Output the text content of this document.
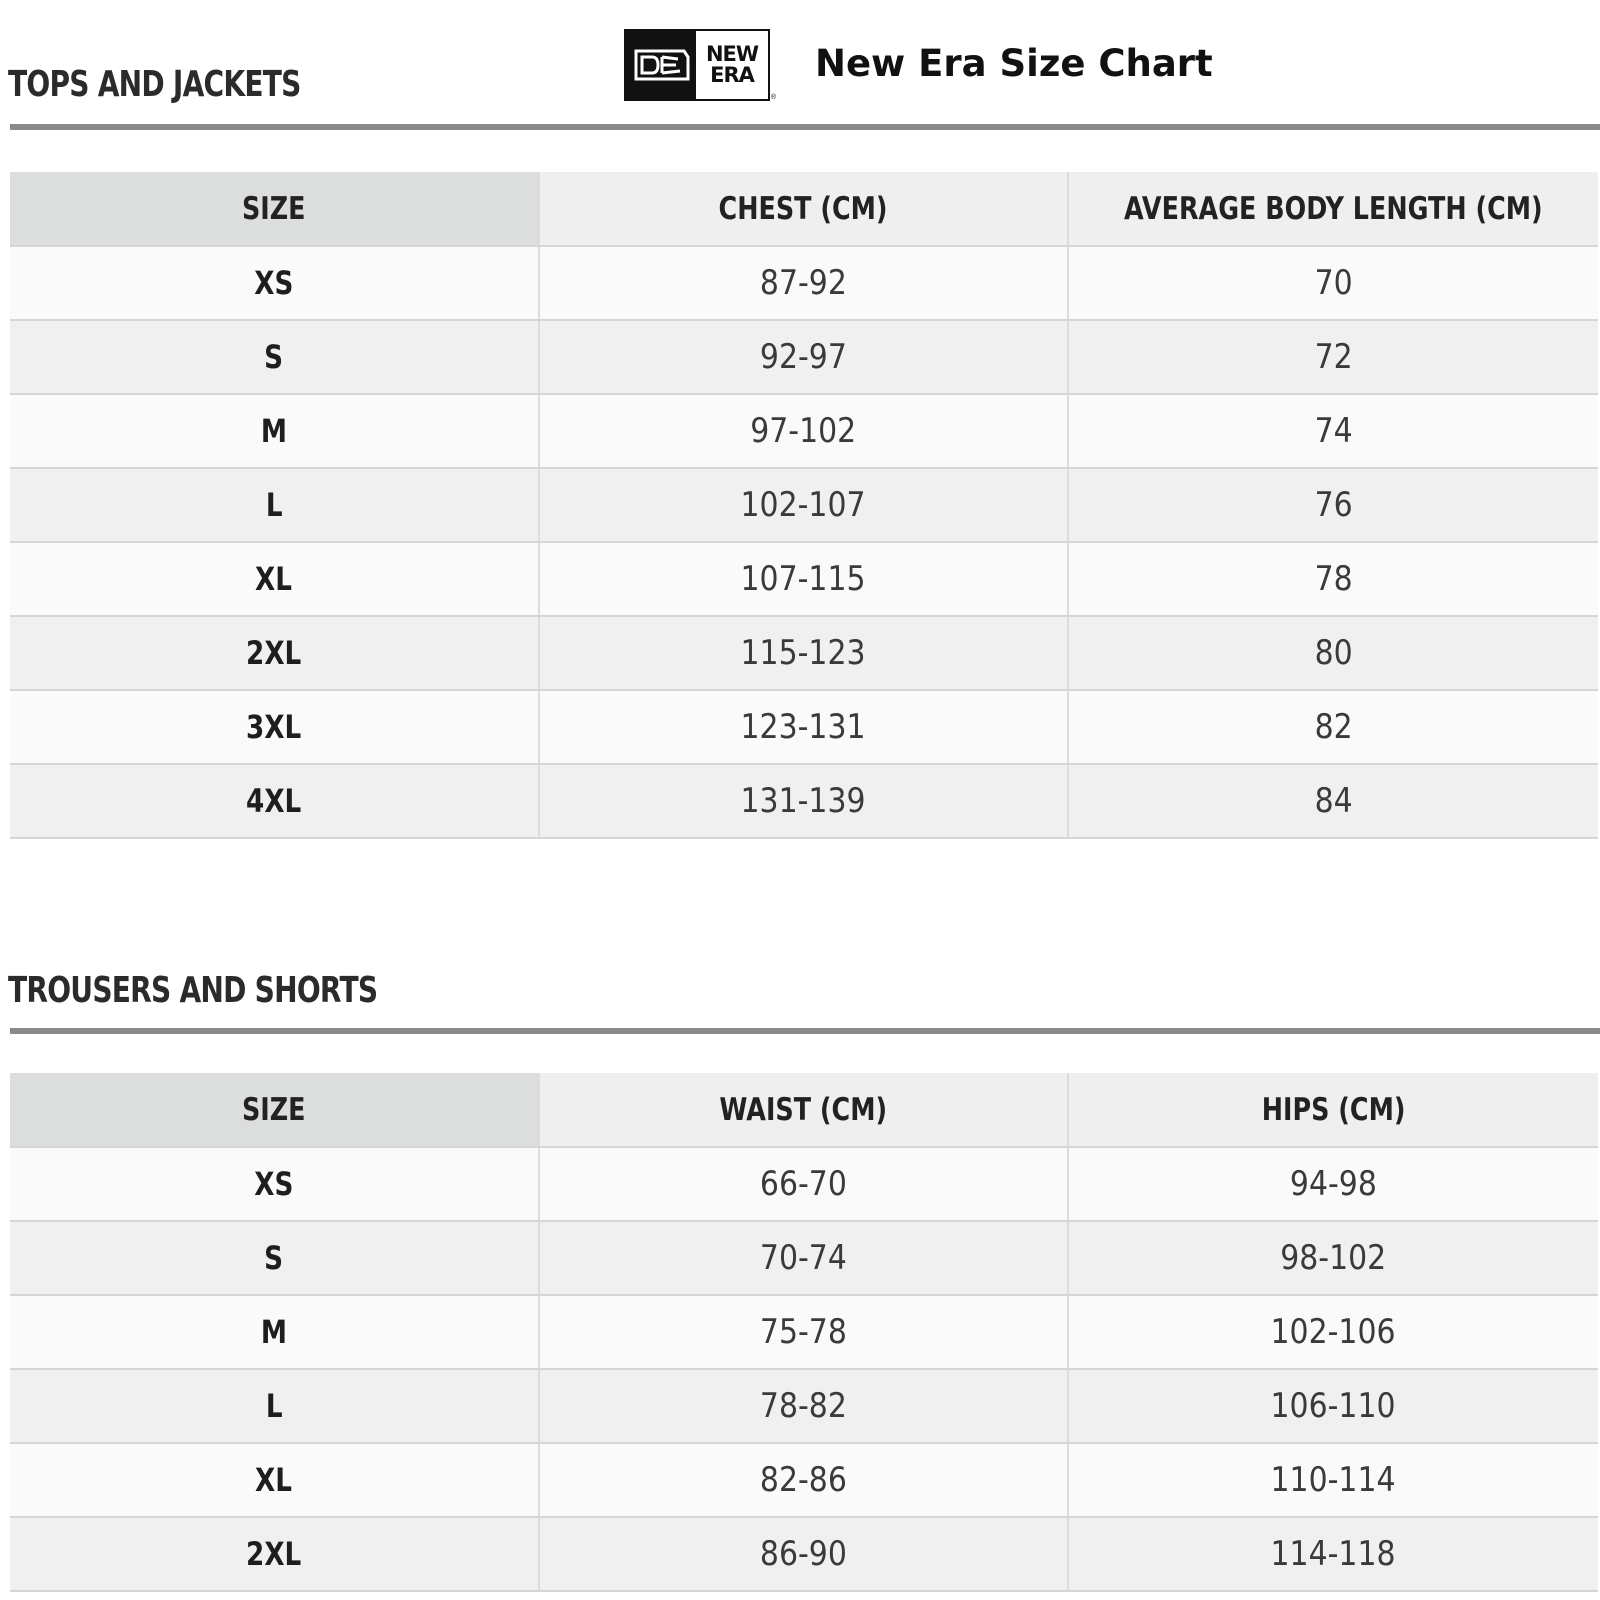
TOPS AND JACKETS
NEW
ERA
®
New Era Size Chart
SIZE	CHEST (CM)	AVERAGE BODY LENGTH (CM)
XS	87-92	70
S	92-97	72
M	97-102	74
L	102-107	76
XL	107-115	78
2XL	115-123	80
3XL	123-131	82
4XL	131-139	84
TROUSERS AND SHORTS
SIZE	WAIST (CM)	HIPS (CM)
XS	66-70	94-98
S	70-74	98-102
M	75-78	102-106
L	78-82	106-110
XL	82-86	110-114
2XL	86-90	114-118
